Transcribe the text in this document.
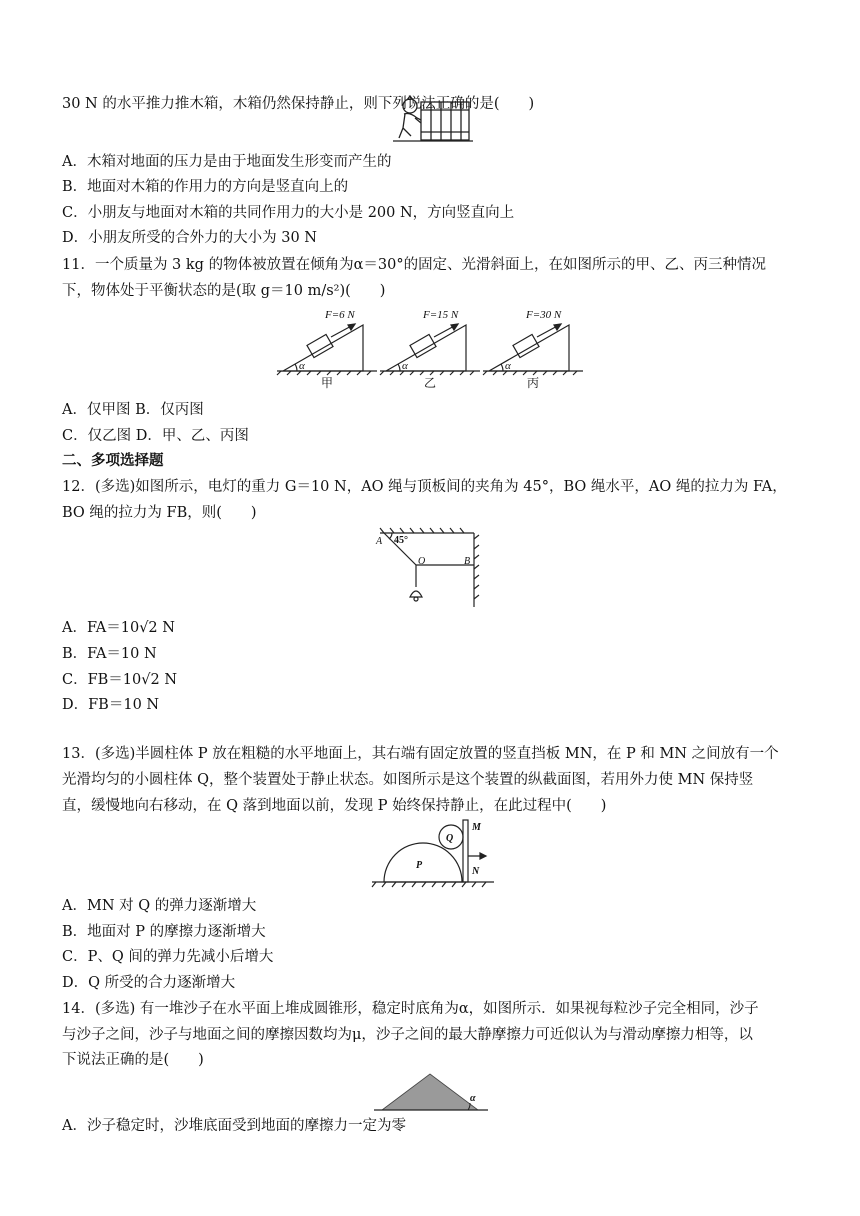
30 N 的水平推力推木箱，木箱仍然保持静止，则下列说法正确的是(　　)
A．木箱对地面的压力是由于地面发生形变而产生的
B．地面对木箱的作用力的方向是竖直向上的
C．小朋友与地面对木箱的共同作用力的大小是 200 N，方向竖直向上
D．小朋友所受的合外力的大小为 30 N
11．一个质量为 3 kg 的物体被放置在倾角为α＝30°的固定、光滑斜面上，在如图所示的甲、乙、丙三种情况
下，物体处于平衡状态的是(取 g＝10 m/s²)(　　)
F=6 N	F=15 N	F=30 N
α	α	α
甲	乙	丙
A．仅甲图 B．仅丙图
C．仅乙图 D．甲、乙、丙图
二、多项选择题
12．(多选)如图所示，电灯的重力 G＝10 N，AO 绳与顶板间的夹角为 45°，BO 绳水平，AO 绳的拉力为 FA，
BO 绳的拉力为 FB，则(　　)
A
O	B
45°
A．FA＝10√2 N
B．FA＝10 N
C．FB＝10√2 N
D．FB＝10 N
13．(多选)半圆柱体 P 放在粗糙的水平地面上，其右端有固定放置的竖直挡板 MN，在 P 和 MN 之间放有一个
光滑均匀的小圆柱体 Q，整个装置处于静止状态。如图所示是这个装置的纵截面图，若用外力使 MN 保持竖
直，缓慢地向右移动，在 Q 落到地面以前，发现 P 始终保持静止，在此过程中(　　)
P
Q
M
N
A．MN 对 Q 的弹力逐渐增大
B．地面对 P 的摩擦力逐渐增大
C．P、Q 间的弹力先减小后增大
D．Q 所受的合力逐渐增大
14．(多选) 有一堆沙子在水平面上堆成圆锥形，稳定时底角为α，如图所示．如果视每粒沙子完全相同，沙子
与沙子之间，沙子与地面之间的摩擦因数均为μ，沙子之间的最大静摩擦力可近似认为与滑动摩擦力相等，以
下说法正确的是(　　)
α
A．沙子稳定时，沙堆底面受到地面的摩擦力一定为零
